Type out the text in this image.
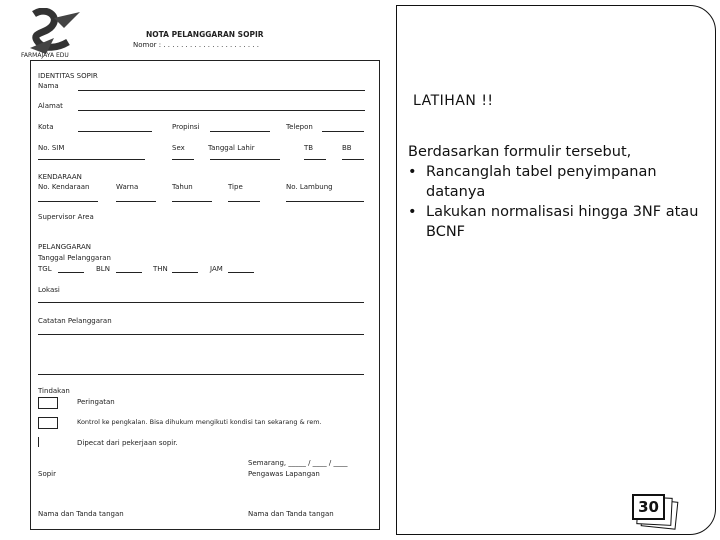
FARMAJAYA EDU
NOTA PELANGGARAN SOPIR
Nomor : . . . . . . . . . . . . . . . . . . . . . .
IDENTITAS SOPIR
Nama
Alamat
Kota	Propinsi	Telepon
No. SIM	Sex	Tanggal Lahir	TB	BB
KENDARAAN
No. Kendaraan	Warna	Tahun	Tipe	No. Lambung
Supervisor Area
PELANGGARAN
Tanggal Pelanggaran
TGL	BLN	THN	JAM
Lokasi
Catatan Pelanggaran
Tindakan
Peringatan
Kontrol ke pengkalan. Bisa dihukum mengikuti kondisi tan sekarang & rem.
Dipecat dari pekerjaan sopir.
Semarang, _____ / ____ / ____
Sopir	Pengawas Lapangan
Nama dan Tanda tangan	Nama dan Tanda tangan
LATIHAN !!
Berdasarkan formulir tersebut,
• Rancanglah tabel penyimpanan datanya
• Lakukan normalisasi hingga 3NF atau BCNF
30
